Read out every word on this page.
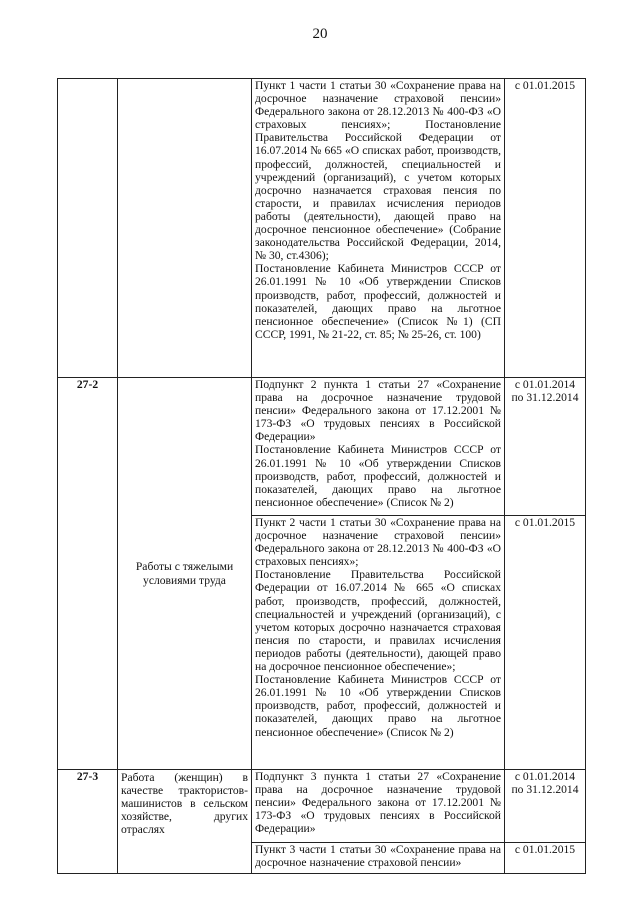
20

		Пункт 1 части 1 статьи 30 «Сохранение права на досрочное назначение страховой пенсии» Федерального закона от 28.12.2013 № 400-ФЗ «О страховых пенсиях»; Постановление Правительства Российской Федерации от 16.07.2014 № 665 «О списках работ, производств, профессий, должностей, специальностей и учреждений (организаций), с учетом которых досрочно назначается страховая пенсия по старости, и правилах исчисления периодов работы (деятельности), дающей право на досрочное пенсионное обеспечение» (Собрание законодательства Российской Федерации, 2014, № 30, ст.4306);

Постановление Кабинета Министров СССР от 26.01.1991 № 10 «Об утверждении Списков производств, работ, профессий, должностей и показателей, дающих право на льготное пенсионное обеспечение» (Список №1) (СП СССР, 1991, № 21-22, ст. 85; № 25-26, ст. 100)	с 01.01.2015
27-2	Работы с тяжелыми условиями труда	Подпункт 2 пункта 1 статьи 27 «Сохранение права на досрочное назначение трудовой пенсии» Федерального закона от 17.12.2001 № 173-ФЗ «О трудовых пенсиях в Российской Федерации»

Постановление Кабинета Министров СССР от 26.01.1991 № 10 «Об утверждении Списков производств, работ, профессий, должностей и показателей, дающих право на льготное пенсионное обеспечение» (Список № 2)	с 01.01.2014 по 31.12.2014

		Пункт 2 части 1 статьи 30 «Сохранение права на досрочное назначение страховой пенсии» Федерального закона от 28.12.2013 № 400-ФЗ «О страховых пенсиях»;

Постановление Правительства Российской Федерации от 16.07.2014 № 665 «О списках работ, производств, профессий, должностей, специальностей и учреждений (организаций), с учетом которых досрочно назначается страховая пенсия по старости, и правилах исчисления периодов работы (деятельности), дающей право на досрочное пенсионное обеспечение»;

Постановление Кабинета Министров СССР от 26.01.1991 № 10 «Об утверждении Списков производств, работ, профессий, должностей и показателей, дающих право на льготное пенсионное обеспечение» (Список № 2)	с 01.01.2015
27-3	Работа (женщин) в качестве трактористов-машинистов в сельском хозяйстве, других отраслях	Подпункт 3 пункта 1 статьи 27 «Сохранение права на досрочное назначение трудовой пенсии» Федерального закона от 17.12.2001 № 173-ФЗ «О трудовых пенсиях в Российской Федерации»	с 01.01.2014 по 31.12.2014

		Пункт 3 части 1 статьи 30 «Сохранение права на досрочное назначение страховой пенсии»	с 01.01.2015
